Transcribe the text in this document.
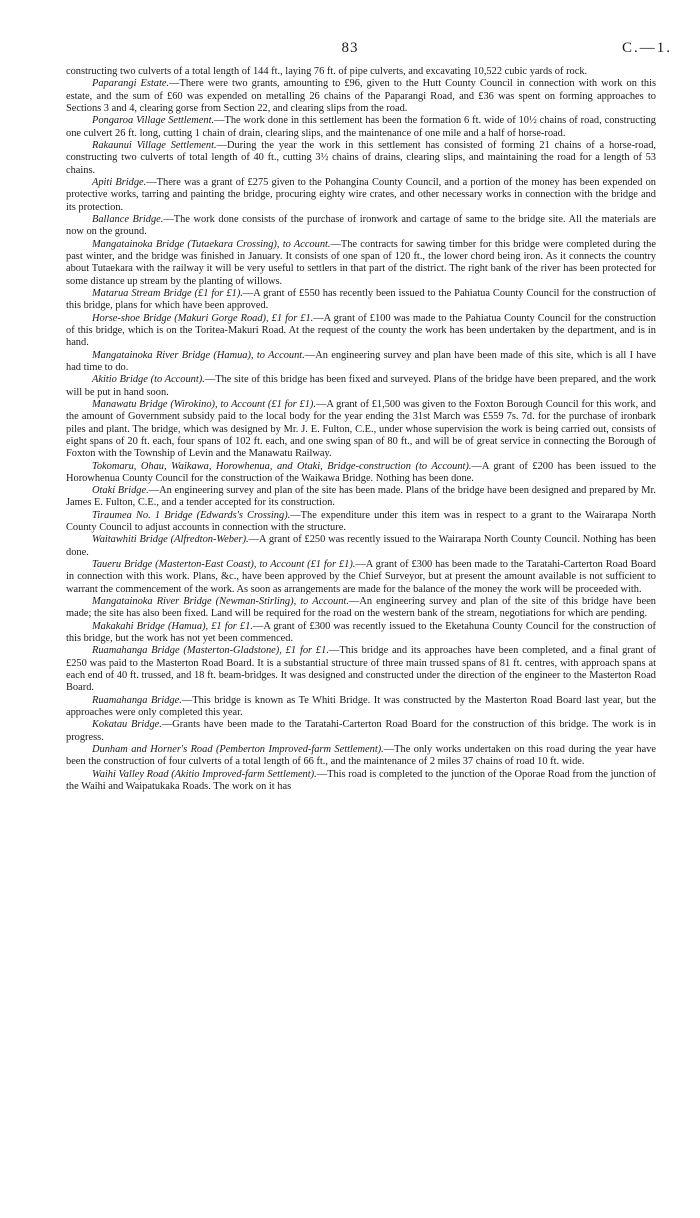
83	C.—1.

constructing two culverts of a total length of 144 ft., laying 76 ft. of pipe culverts, and excavating 10,522 cubic yards of rock.

Paparangi Estate.—There were two grants, amounting to £96, given to the Hutt County Council in connection with work on this estate, and the sum of £60 was expended on metalling 26 chains of the Paparangi Road, and £36 was spent on forming approaches to Sections 3 and 4, clearing gorse from Section 22, and clearing slips from the road.

Pongaroa Village Settlement.—The work done in this settlement has been the formation 6 ft. wide of 10½ chains of road, constructing one culvert 26 ft. long, cutting 1 chain of drain, clearing slips, and the maintenance of one mile and a half of horse-road.

Rakaunui Village Settlement.—During the year the work in this settlement has consisted of forming 21 chains of a horse-road, constructing two culverts of total length of 40 ft., cutting 3½ chains of drains, clearing slips, and maintaining the road for a length of 53 chains.

Apiti Bridge.—There was a grant of £275 given to the Pohangina County Council, and a portion of the money has been expended on protective works, tarring and painting the bridge, procuring eighty wire crates, and other necessary works in connection with the bridge and its protection.

Ballance Bridge.—The work done consists of the purchase of ironwork and cartage of same to the bridge site. All the materials are now on the ground.

Mangatainoka Bridge (Tutaekara Crossing), to Account.—The contracts for sawing timber for this bridge were completed during the past winter, and the bridge was finished in January. It consists of one span of 120 ft., the lower chord being iron. As it connects the country about Tutaekara with the railway it will be very useful to settlers in that part of the district. The right bank of the river has been protected for some distance up stream by the planting of willows.

Mataruа Stream Bridge (£1 for £1).—A grant of £550 has recently been issued to the Pahiatua County Council for the construction of this bridge, plans for which have been approved.

Horse-shoe Bridge (Makuri Gorge Road), £1 for £1.—A grant of £100 was made to the Pahiatua County Council for the construction of this bridge, which is on the Toritea-Makuri Road. At the request of the county the work has been undertaken by the department, and is in hand.

Mangatainoka River Bridge (Hamua), to Account.—An engineering survey and plan have been made of this site, which is all I have had time to do.

Akitio Bridge (to Account).—The site of this bridge has been fixed and surveyed. Plans of the bridge have been prepared, and the work will be put in hand soon.

Manawatu Bridge (Wirokino), to Account (£1 for £1).—A grant of £1,500 was given to the Foxton Borough Council for this work, and the amount of Government subsidy paid to the local body for the year ending the 31st March was £559 7s. 7d. for the purchase of ironbark piles and plant. The bridge, which was designed by Mr. J. E. Fulton, C.E., under whose supervision the work is being carried out, consists of eight spans of 20 ft. each, four spans of 102 ft. each, and one swing span of 80 ft., and will be of great service in connecting the Borough of Foxton with the Township of Levin and the Manawatu Railway.

Tokomaru, Ohau, Waikawa, Horowhenua, and Otaki, Bridge-construction (to Account).—A grant of £200 has been issued to the Horowhenua County Council for the construction of the Waikawa Bridge. Nothing has been done.

Otaki Bridge.—An engineering survey and plan of the site has been made. Plans of the bridge have been designed and prepared by Mr. James E. Fulton, C.E., and a tender accepted for its construction.

Tiraumea No. 1 Bridge (Edwards's Crossing).—The expenditure under this item was in respect to a grant to the Wairarapa North County Council to adjust accounts in connection with the structure.

Waitawhiti Bridge (Alfredton-Weber).—A grant of £250 was recently issued to the Wairarapa North County Council. Nothing has been done.

Taueru Bridge (Masterton-East Coast), to Account (£1 for £1).—A grant of £300 has been made to the Taratahi-Carterton Road Board in connection with this work. Plans, &c., have been approved by the Chief Surveyor, but at present the amount available is not sufficient to warrant the commencement of the work. As soon as arrangements are made for the balance of the money the work will be proceeded with.

Mangatainoka River Bridge (Newman-Stirling), to Account.—An engineering survey and plan of the site of this bridge have been made; the site has also been fixed. Land will be required for the road on the western bank of the stream, negotiations for which are pending.

Makakahi Bridge (Hamua), £1 for £1.—A grant of £300 was recently issued to the Eketahuna County Council for the construction of this bridge, but the work has not yet been commenced.

Ruamahanga Bridge (Masterton-Gladstone), £1 for £1.—This bridge and its approaches have been completed, and a final grant of £250 was paid to the Masterton Road Board. It is a substantial structure of three main trussed spans of 81 ft. centres, with approach spans at each end of 40 ft. trussed, and 18 ft. beam-bridges. It was designed and constructed under the direction of the engineer to the Masterton Road Board.

Ruamahanga Bridge.—This bridge is known as Te Whiti Bridge. It was constructed by the Masterton Road Board last year, but the approaches were only completed this year.

Kokatau Bridge.—Grants have been made to the Taratahi-Carterton Road Board for the construction of this bridge. The work is in progress.

Dunham and Horner's Road (Pemberton Improved-farm Settlement).—The only works undertaken on this road during the year have been the construction of four culverts of a total length of 66 ft., and the maintenance of 2 miles 37 chains of road 10 ft. wide.

Waihi Valley Road (Akitio Improved-farm Settlement).—This road is completed to the junction of the Oporae Road from the junction of the Waihi and Waipatukaka Roads. The work on it has
